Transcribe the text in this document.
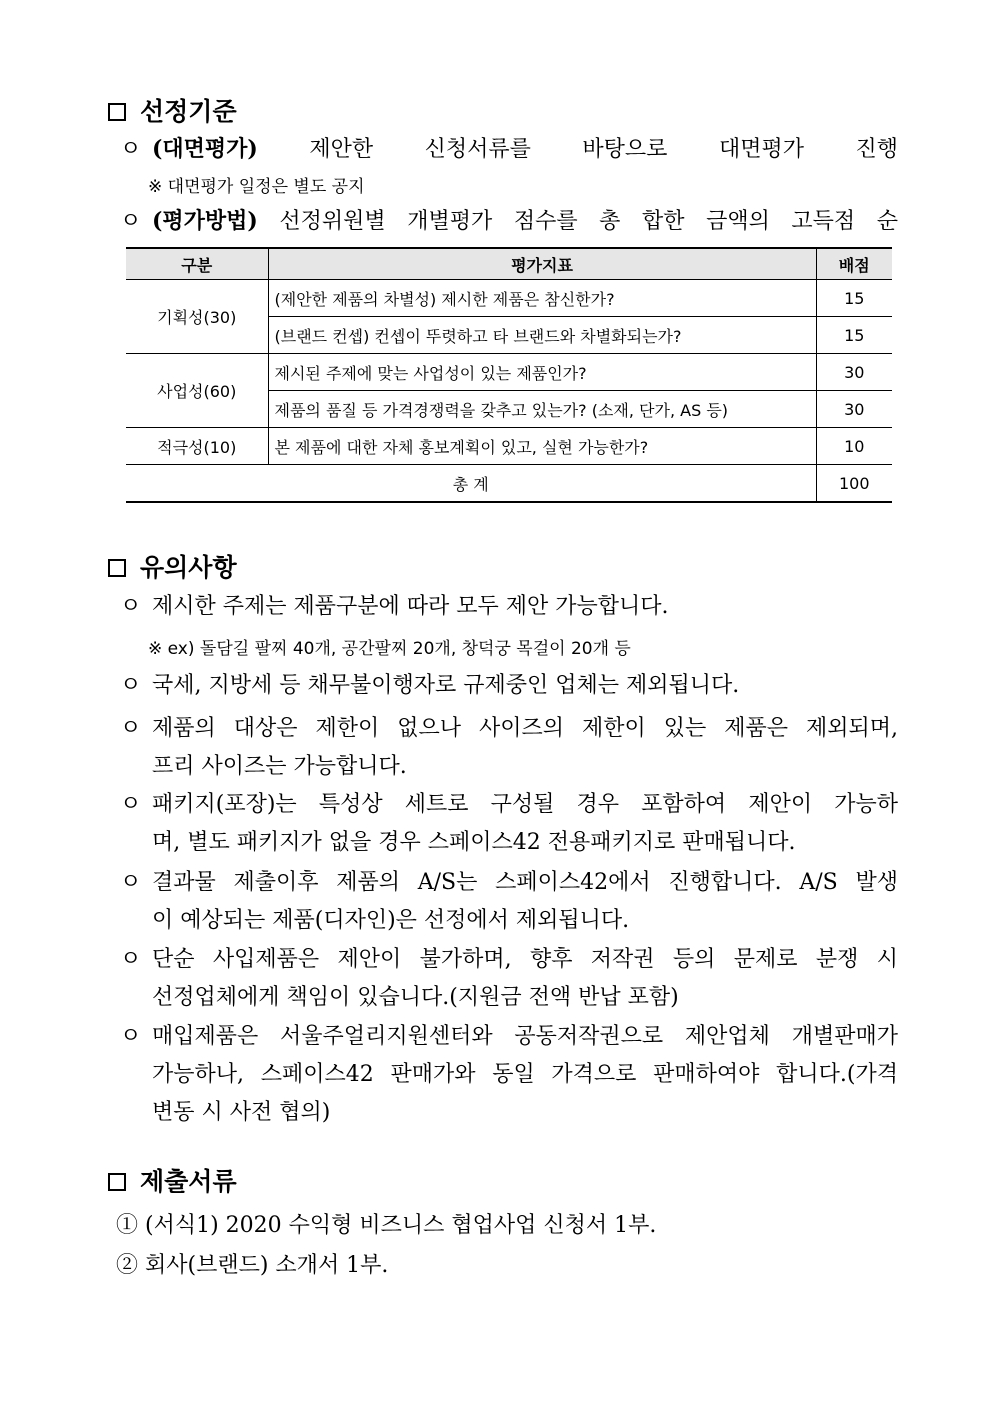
선정기준
ㅇ (대면평가) 제안한 신청서류를 바탕으로 대면평가 진행
※ 대면평가 일정은 별도 공지
ㅇ (평가방법) 선정위원별 개별평가 점수를 총 합한 금액의 고득점 순
구분	평가지표	배점
기획성(30)	(제안한 제품의 차별성) 제시한 제품은 참신한가?	15
	(브랜드 컨셉) 컨셉이 뚜렷하고 타 브랜드와 차별화되는가?	15
사업성(60)	제시된 주제에 맞는 사업성이 있는 제품인가?	30
	제품의 품질 등 가격경쟁력을 갖추고 있는가? (소재, 단가, AS 등)	30
적극성(10)	본 제품에 대한 자체 홍보계획이 있고, 실현 가능한가?	10
총 계		100
유의사항
ㅇ 제시한 주제는 제품구분에 따라 모두 제안 가능합니다.
※ ex) 돌담길 팔찌 40개, 공간팔찌 20개, 창덕궁 목걸이 20개 등
ㅇ 국세, 지방세 등 채무불이행자로 규제중인 업체는 제외됩니다.
ㅇ 제품의 대상은 제한이 없으나 사이즈의 제한이 있는 제품은 제외되며,
프리 사이즈는 가능합니다.
ㅇ 패키지(포장)는 특성상 세트로 구성될 경우 포함하여 제안이 가능하
며, 별도 패키지가 없을 경우 스페이스42 전용패키지로 판매됩니다.
ㅇ 결과물 제출이후 제품의 A/S는 스페이스42에서 진행합니다. A/S 발생
이 예상되는 제품(디자인)은 선정에서 제외됩니다.
ㅇ 단순 사입제품은 제안이 불가하며, 향후 저작권 등의 문제로 분쟁 시
선정업체에게 책임이 있습니다.(지원금 전액 반납 포함)
ㅇ 매입제품은 서울주얼리지원센터와 공동저작권으로 제안업체 개별판매가
가능하나, 스페이스42 판매가와 동일 가격으로 판매하여야 합니다.(가격
변동 시 사전 협의)
제출서류
① (서식1) 2020 수익형 비즈니스 협업사업 신청서 1부.
② 회사(브랜드) 소개서 1부.
